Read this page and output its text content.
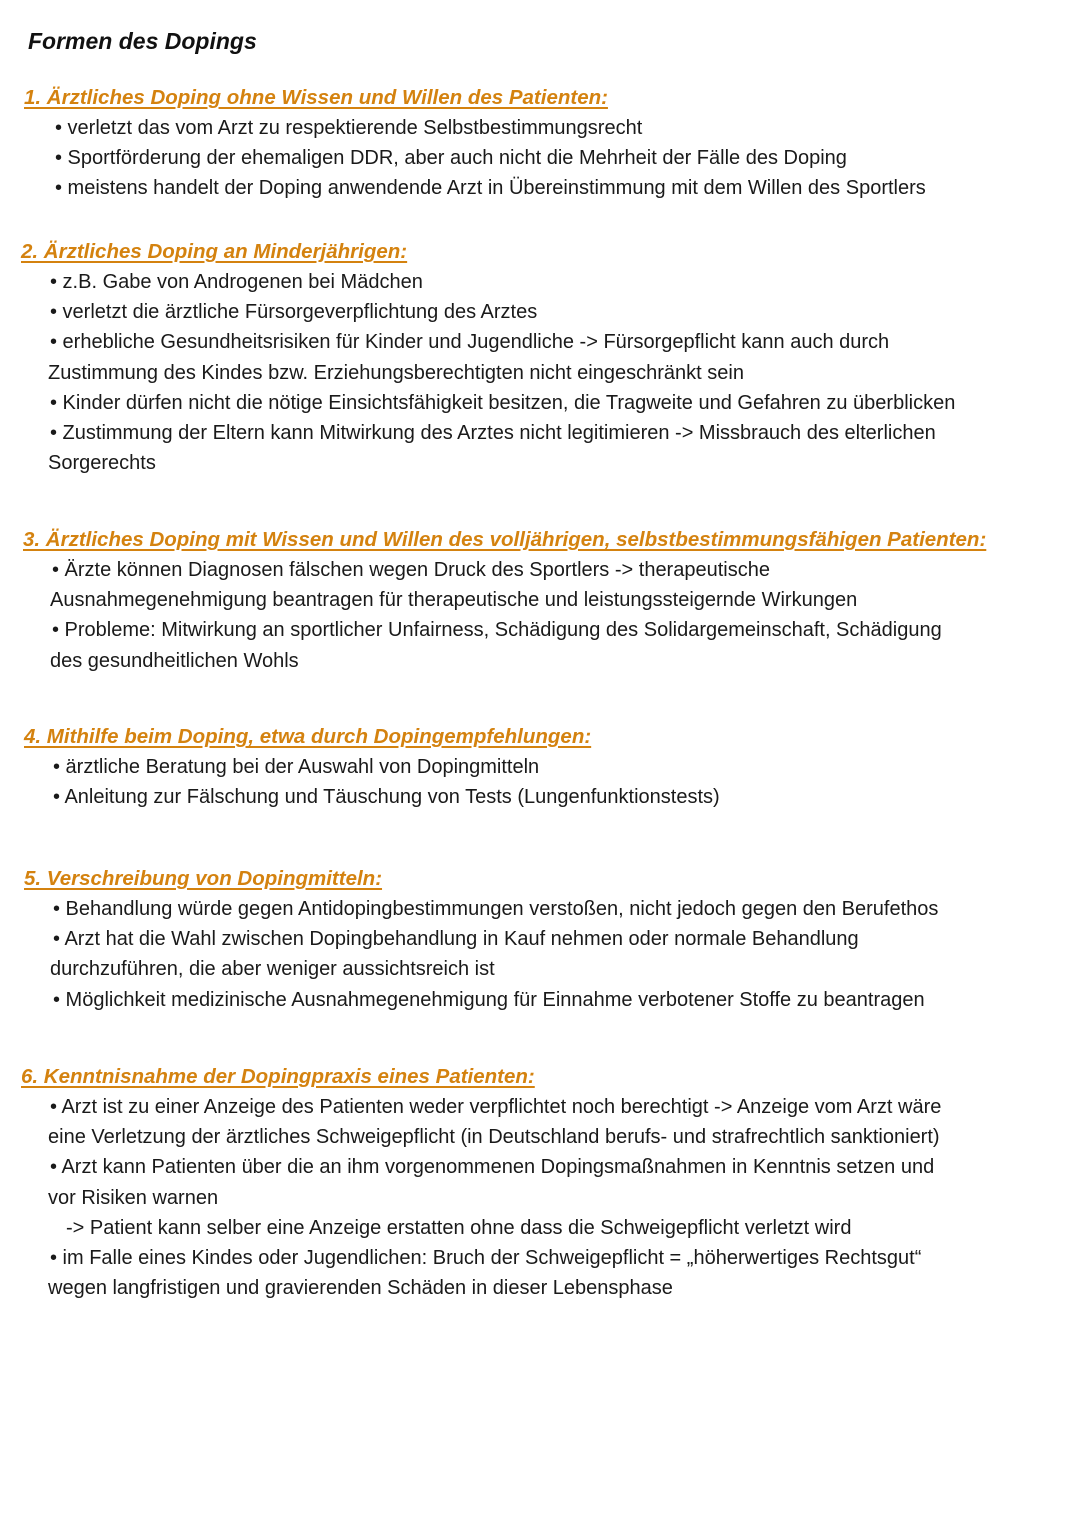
Formen des Dopings
1. Ärztliches Doping ohne Wissen und Willen des Patienten:
• verletzt das vom Arzt zu respektierende Selbstbestimmungsrecht
• Sportförderung der ehemaligen DDR, aber auch nicht die Mehrheit der Fälle des Doping
• meistens handelt der Doping anwendende Arzt in Übereinstimmung mit dem Willen des Sportlers
2. Ärztliches Doping an Minderjährigen:
• z.B. Gabe von Androgenen bei Mädchen
• verletzt die ärztliche Fürsorgeverpflichtung des Arztes
• erhebliche Gesundheitsrisiken für Kinder und Jugendliche -> Fürsorgepflicht kann auch durch
Zustimmung des Kindes bzw. Erziehungsberechtigten nicht eingeschränkt sein
• Kinder dürfen nicht die nötige Einsichtsfähigkeit besitzen, die Tragweite und Gefahren zu überblicken
• Zustimmung der Eltern kann Mitwirkung des Arztes nicht legitimieren -> Missbrauch des elterlichen
Sorgerechts
3. Ärztliches Doping mit Wissen und Willen des volljährigen, selbstbestimmungsfähigen Patienten:
• Ärzte können Diagnosen fälschen wegen Druck des Sportlers -> therapeutische
Ausnahmegenehmigung beantragen für therapeutische und leistungssteigernde Wirkungen
• Probleme: Mitwirkung an sportlicher Unfairness, Schädigung des Solidargemeinschaft, Schädigung
des gesundheitlichen Wohls
4. Mithilfe beim Doping, etwa durch Dopingempfehlungen:
• ärztliche Beratung bei der Auswahl von Dopingmitteln
• Anleitung zur Fälschung und Täuschung von Tests (Lungenfunktionstests)
5. Verschreibung von Dopingmitteln:
• Behandlung würde gegen Antidopingbestimmungen verstoßen, nicht jedoch gegen den Berufethos
• Arzt hat die Wahl zwischen Dopingbehandlung in Kauf nehmen oder normale Behandlung
durchzuführen, die aber weniger aussichtsreich ist
• Möglichkeit medizinische Ausnahmegenehmigung für Einnahme verbotener Stoffe zu beantragen
6. Kenntnisnahme der Dopingpraxis eines Patienten:
• Arzt ist zu einer Anzeige des Patienten weder verpflichtet noch berechtigt -> Anzeige vom Arzt wäre
eine Verletzung der ärztliches Schweigepflicht (in Deutschland berufs- und strafrechtlich sanktioniert)
• Arzt kann Patienten über die an ihm vorgenommenen Dopingsmaßnahmen in Kenntnis setzen und
vor Risiken warnen
-> Patient kann selber eine Anzeige erstatten ohne dass die Schweigepflicht verletzt wird
• im Falle eines Kindes oder Jugendlichen: Bruch der Schweigepflicht = „höherwertiges Rechtsgut“
wegen langfristigen und gravierenden Schäden in dieser Lebensphase
